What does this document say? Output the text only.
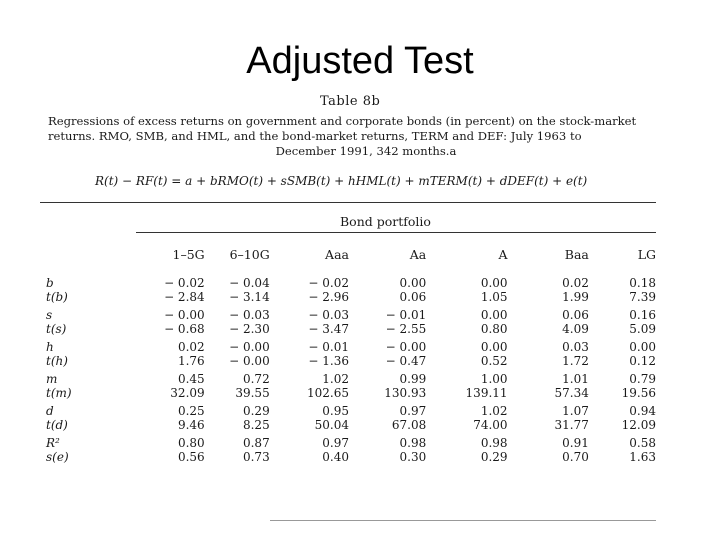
Adjusted Test
Table 8b
Regressions of excess returns on government and corporate bonds (in percent) on the stock-market
returns. RMO, SMB, and HML, and the bond-market returns, TERM and DEF: July 1963 to
December 1991, 342 months.a
R(t) − RF(t) = a + bRMO(t) + sSMB(t) + hHML(t) + mTERM(t) + dDEF(t) + e(t)
Bond portfolio
	1–5G	6–10G	Aaa	Aa	A	Baa	LG
b	− 0.02	− 0.04	− 0.02	0.00	0.00	0.02	0.18
t(b)	− 2.84	− 3.14	− 2.96	0.06	1.05	1.99	7.39
s	− 0.00	− 0.03	− 0.03	− 0.01	0.00	0.06	0.16
t(s)	− 0.68	− 2.30	− 3.47	− 2.55	0.80	4.09	5.09
h	0.02	− 0.00	− 0.01	− 0.00	0.00	0.03	0.00
t(h)	1.76	− 0.00	− 1.36	− 0.47	0.52	1.72	0.12
m	0.45	0.72	1.02	0.99	1.00	1.01	0.79
t(m)	32.09	39.55	102.65	130.93	139.11	57.34	19.56
d	0.25	0.29	0.95	0.97	1.02	1.07	0.94
t(d)	9.46	8.25	50.04	67.08	74.00	31.77	12.09
R²	0.80	0.87	0.97	0.98	0.98	0.91	0.58
s(e)	0.56	0.73	0.40	0.30	0.29	0.70	1.63
